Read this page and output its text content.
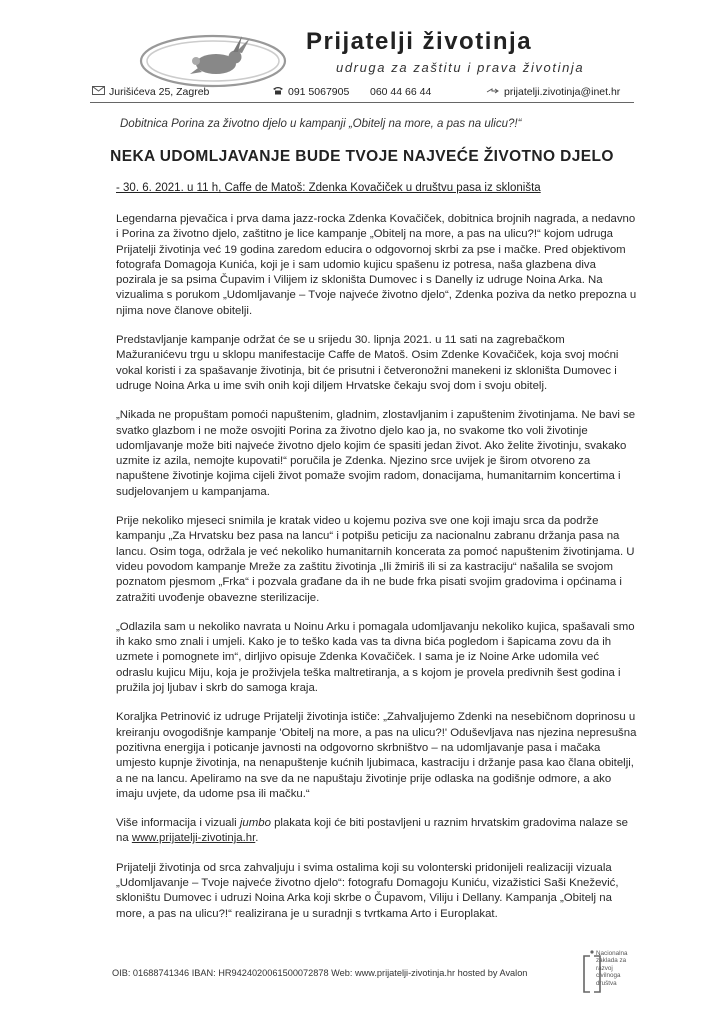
Prijatelji životinja
udruga za zaštitu i prava životinja
Jurišićeva 25, Zagreb	091 5067905 060 44 66 44	prijatelji.zivotinja@inet.hr
Dobitnica Porina za životno djelo u kampanji „Obitelj na more, a pas na ulicu?!“
NEKA UDOMLJAVANJE BUDE TVOJE NAJVEĆE ŽIVOTNO DJELO
- 30. 6. 2021. u 11 h, Caffe de Matoš: Zdenka Kovačiček u društvu pasa iz skloništa

Legendarna pjevačica i prva dama jazz-rocka Zdenka Kovačiček, dobitnica brojnih nagrada, a nedavno i Porina za životno djelo, zaštitno je lice kampanje „Obitelj na more, a pas na ulicu?!“ kojom udruga Prijatelji životinja već 19 godina zaredom educira o odgovornoj skrbi za pse i mačke. Pred objektivom fotografa Domagoja Kunića, koji je i sam udomio kujicu spašenu iz potresa, naša glazbena diva pozirala je sa psima Čupavim i Vilijem iz skloništa Dumovec i s Danelly iz udruge Noina Arka. Na vizualima s porukom „Udomljavanje – Tvoje najveće životno djelo“, Zdenka poziva da netko prepozna u njima nove članove obitelji.

Predstavljanje kampanje održat će se u srijedu 30. lipnja 2021. u 11 sati na zagrebačkom Mažuranićevu trgu u sklopu manifestacije Caffe de Matoš. Osim Zdenke Kovačiček, koja svoj moćni vokal koristi i za spašavanje životinja, bit će prisutni i četveronožni manekeni iz skloništa Dumovec i udruge Noina Arka u ime svih onih koji diljem Hrvatske čekaju svoj dom i svoju obitelj.

„Nikada ne propuštam pomoći napuštenim, gladnim, zlostavljanim i zapuštenim životinjama. Ne bavi se svatko glazbom i ne može osvojiti Porina za životno djelo kao ja, no svakome tko voli životinje udomljavanje može biti najveće životno djelo kojim će spasiti jedan život. Ako želite životinju, svakako uzmite iz azila, nemojte kupovati!“ poručila je Zdenka. Njezino srce uvijek je širom otvoreno za napuštene životinje kojima cijeli život pomaže svojim radom, donacijama, humanitarnim koncertima i sudjelovanjem u kampanjama.

Prije nekoliko mjeseci snimila je kratak video u kojemu poziva sve one koji imaju srca da podrže kampanju „Za Hrvatsku bez pasa na lancu“ i potpišu peticiju za nacionalnu zabranu držanja pasa na lancu. Osim toga, održala je već nekoliko humanitarnih koncerata za pomoć napuštenim životinjama. U videu povodom kampanje Mreže za zaštitu životinja „Ili žmiriš ili si za kastraciju“ našalila se svojom poznatom pjesmom „Frka“ i pozvala građane da ih ne bude frka pisati svojim gradovima i općinama i zatražiti uvođenje obavezne sterilizacije.

„Odlazila sam u nekoliko navrata u Noinu Arku i pomagala udomljavanju nekoliko kujica, spašavali smo ih kako smo znali i umjeli. Kako je to teško kada vas ta divna bića pogledom i šapicama zovu da ih uzmete i pomognete im“, dirljivo opisuje Zdenka Kovačiček. I sama je iz Noine Arke udomila već odraslu kujicu Miju, koja je proživjela teška maltretiranja, a s kojom je provela predivnih šest godina i pružila joj ljubav i skrb do samoga kraja.

Koraljka Petrinović iz udruge Prijatelji životinja ističe: „Zahvaljujemo Zdenki na nesebičnom doprinosu u kreiranju ovogodišnje kampanje 'Obitelj na more, a pas na ulicu?!' Oduševljava nas njezina nepresušna pozitivna energija i poticanje javnosti na odgovorno skrbništvo – na udomljavanje pasa i mačaka umjesto kupnje životinja, na nenapuštenje kućnih ljubimaca, kastraciju i držanje pasa kao člana obitelji, a ne na lancu. Apeliramo na sve da ne napuštaju životinje prije odlaska na godišnje odmore, a ako imaju uvjete, da udome psa ili mačku.“

Više informacija i vizuali jumbo plakata koji će biti postavljeni u raznim hrvatskim gradovima nalaze se na www.prijatelji-zivotinja.hr.

Prijatelji životinja od srca zahvaljuju i svima ostalima koji su volonterski pridonijeli realizaciji vizuala „Udomljavanje – Tvoje najveće životno djelo“: fotografu Domagoju Kuniću, vizažistici Saši Knežević, skloništu Dumovec i udruzi Noina Arka koji skrbe o Čupavom, Viliju i Dellany. Kampanja „Obitelj na more, a pas na ulicu?!“ realizirana je u suradnji s tvrtkama Arto i Europlakat.

OIB: 01688741346 IBAN: HR9424020061500072878 Web: www.prijatelji-zivotinja.hr hosted by Avalon
Nacionalna
zaklada za
razvoj
civilnoga
društva
